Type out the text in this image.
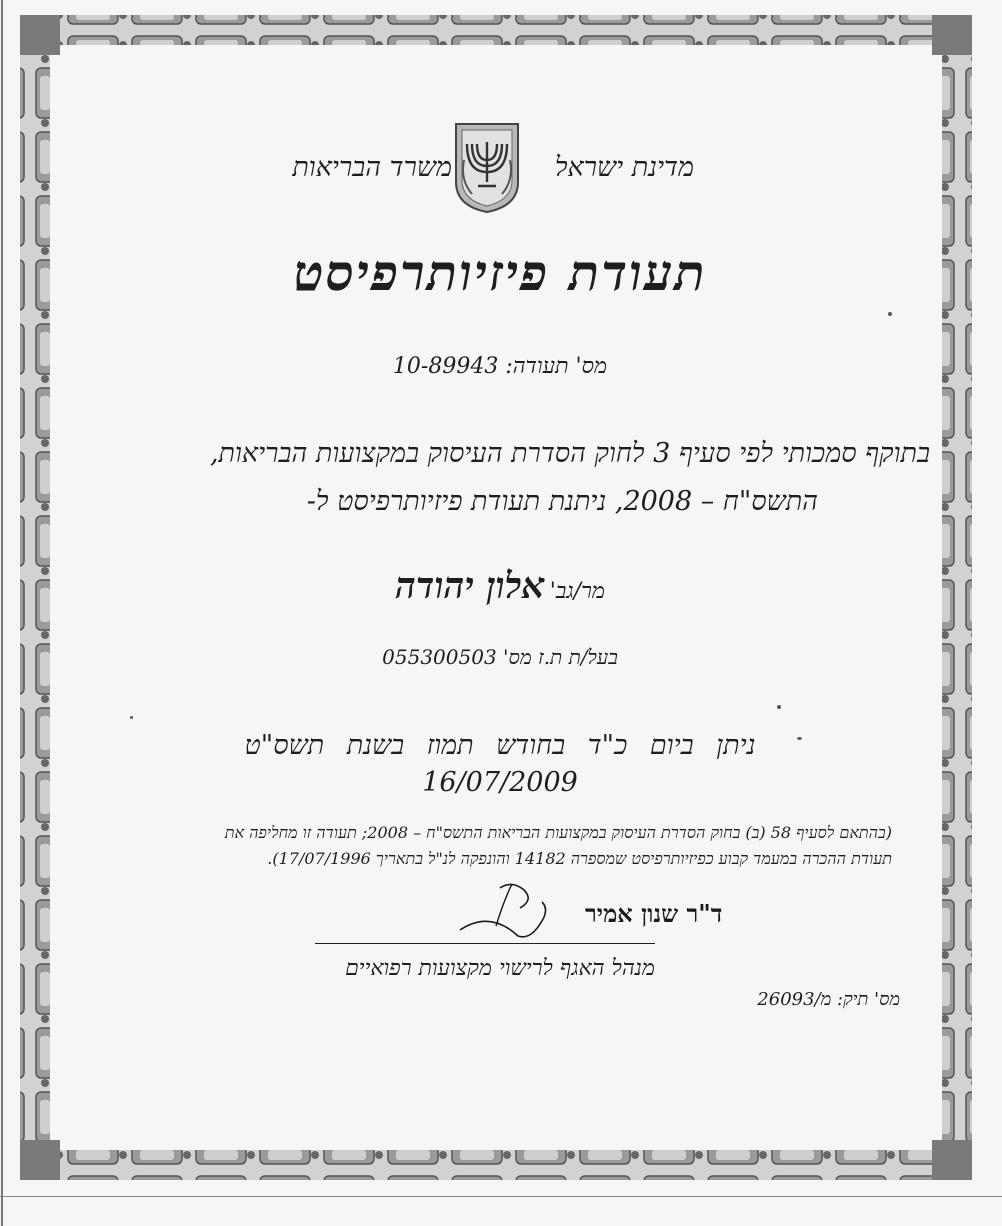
מדינת ישראל
משרד הבריאות
תעודת פיזיותרפיסט
מס' תעודה: 10-89943
בתוקף סמכותי לפי סעיף 3 לחוק הסדרת העיסוק במקצועות הבריאות,
התשס"ח – 2008, ניתנת תעודת פיזיותרפיסט ל-
מר/גב' אלון יהודה
בעל/ת ת.ז מס' 055300503
ניתן ביום כ"ד בחודש תמוז בשנת תשס"ט
16/07/2009
(בהתאם לסעיף 58 (ב) בחוק הסדרת העיסוק במקצועות הבריאות התשס"ח – 2008; תעודה זו מחליפה את
תעודת ההכרה במעמד קבוע כפיזיותרפיסט שמספרה 14182 והונפקה לנ"ל בתאריך 17/07/1996).
ד"ר שנון אמיר
מנהל האגף לרישוי מקצועות רפואיים
מס' תיק: מ/26093
